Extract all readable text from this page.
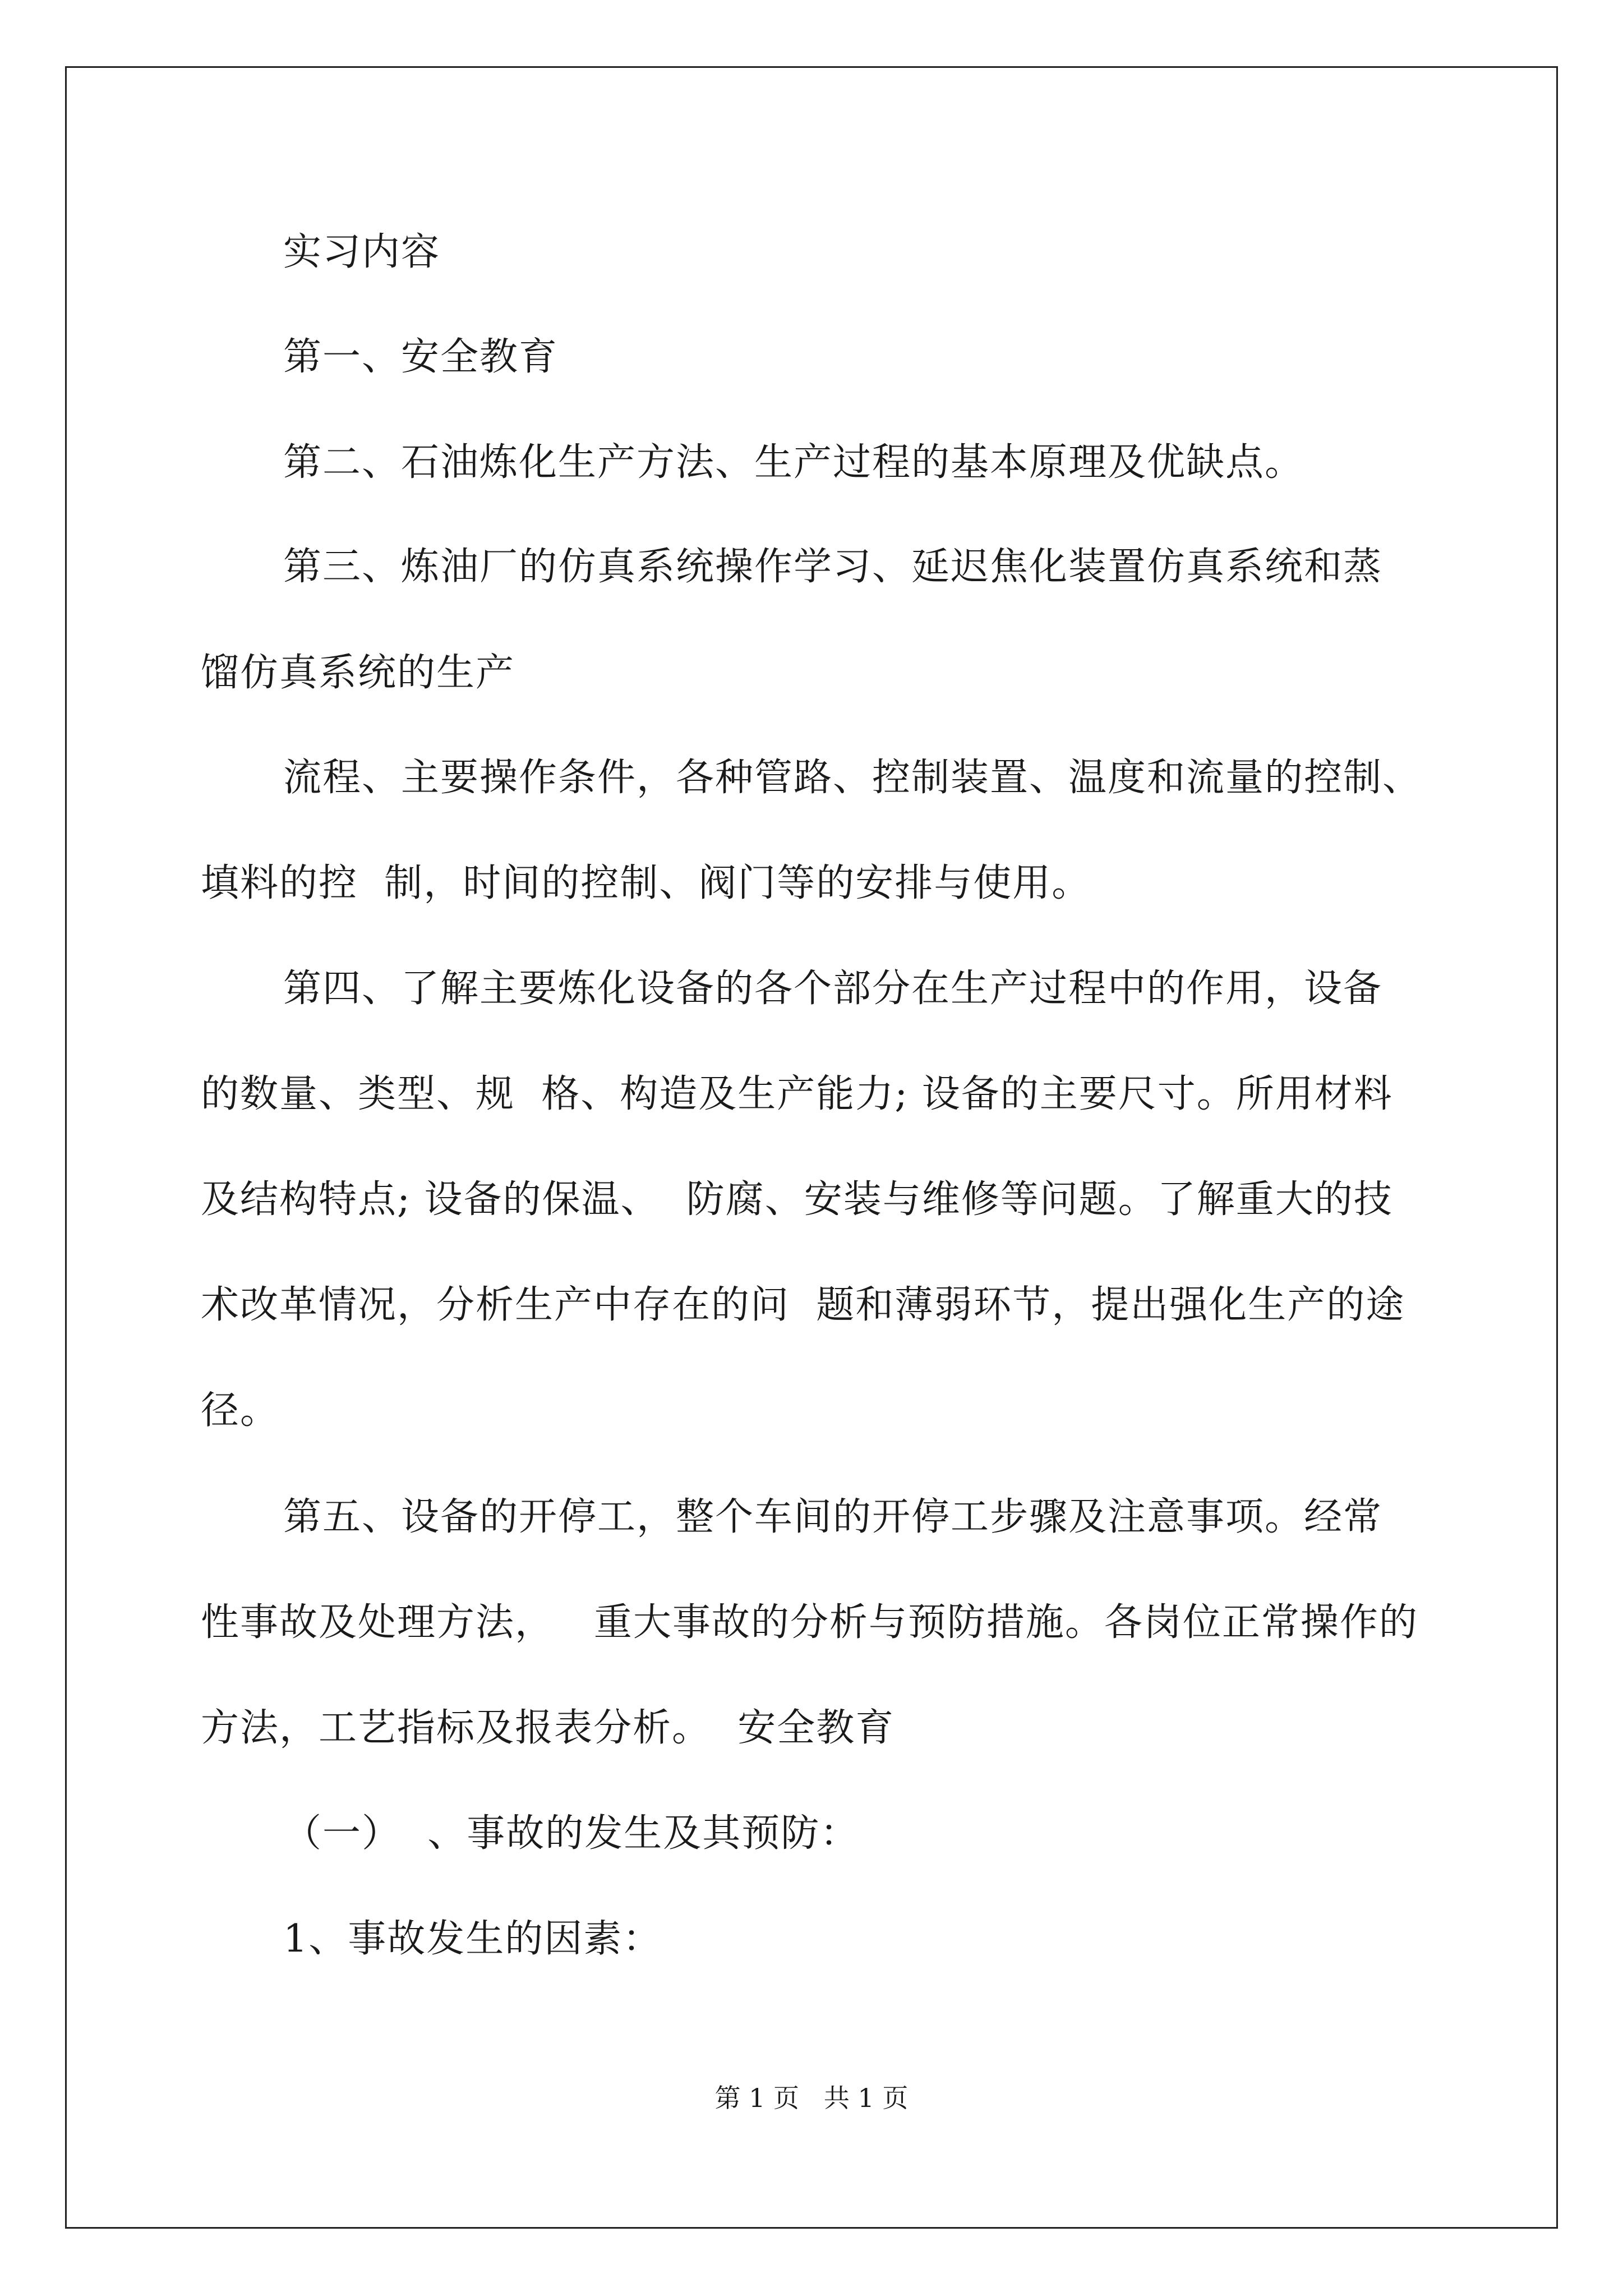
实习内容
第一、安全教育
第二、石油炼化生产方法、生产过程的基本原理及优缺点。
第三、炼油厂的仿真系统操作学习、延迟焦化装置仿真系统和蒸
馏仿真系统的生产
流程、主要操作条件，各种管路、控制装置、温度和流量的控制、
填料的控  制，时间的控制、阀门等的安排与使用。
第四、了解主要炼化设备的各个部分在生产过程中的作用，设备
的数量、类型、规  格、构造及生产能力; 设备的主要尺寸。所用材料
及结构特点; 设备的保温、  防腐、安装与维修等问题。了解重大的技
术改革情况，分析生产中存在的问  题和薄弱环节，提出强化生产的途
径。
第五、设备的开停工，整个车间的开停工步骤及注意事项。经常
性事故及处理方法，   重大事故的分析与预防措施。各岗位正常操作的
方法，工艺指标及报表分析。  安全教育
（一）  、事故的发生及其预防：
1、事故发生的因素：
第 1 页   共 1 页
